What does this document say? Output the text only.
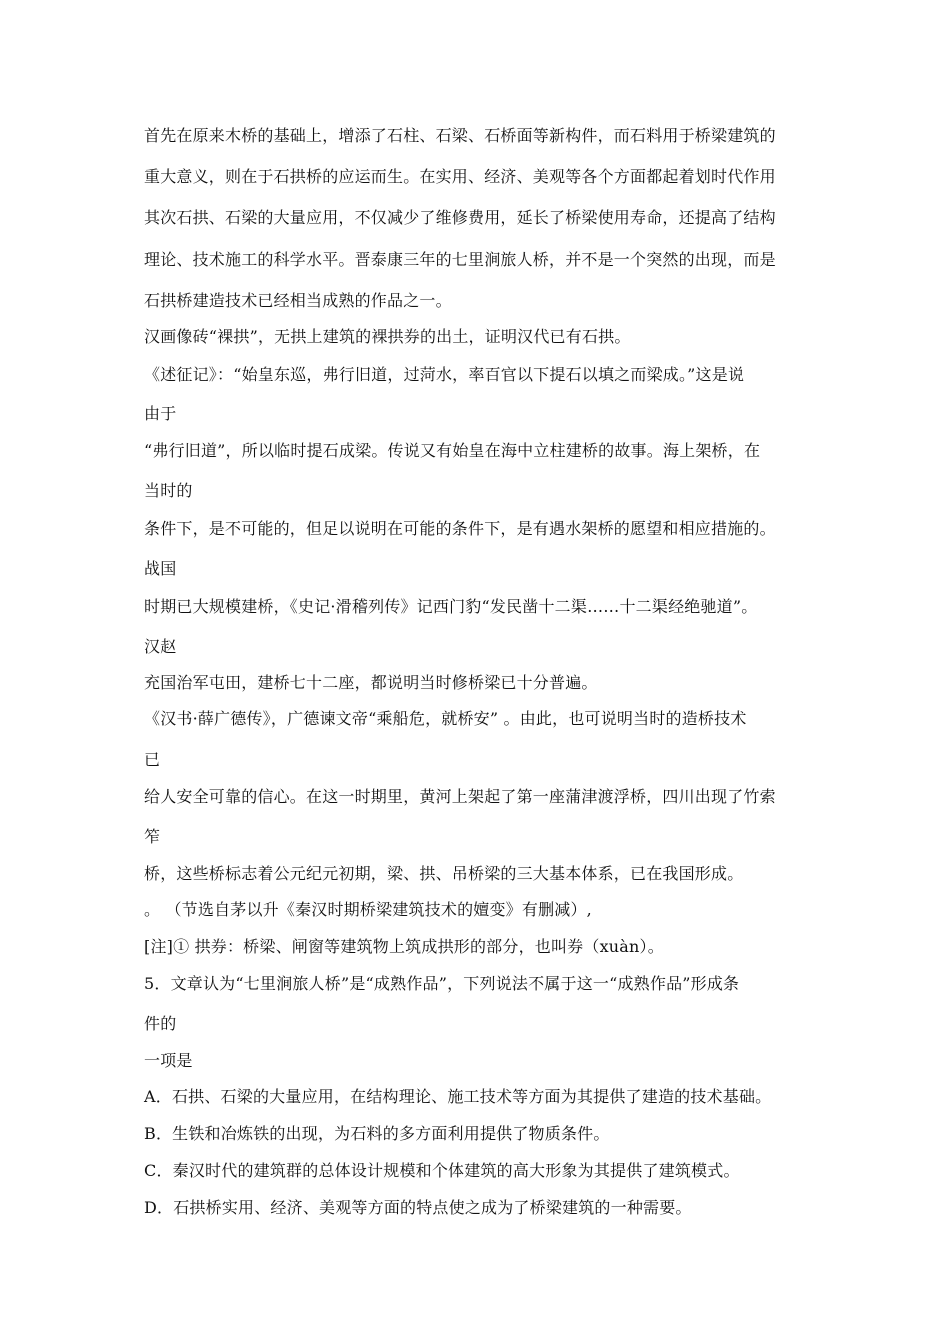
首先在原来木桥的基础上，增添了石柱、石梁、石桥面等新构件，而石料用于桥梁建筑的
重大意义，则在于石拱桥的应运而生。在实用、经济、美观等各个方面都起着划时代作用
其次石拱、石梁的大量应用，不仅减少了维修费用，延长了桥梁使用寿命，还提高了结构
理论、技术施工的科学水平。晋泰康三年的七里涧旅人桥，并不是一个突然的出现，而是
石拱桥建造技术已经相当成熟的作品之一。
汉画像砖“裸拱”，无拱上建筑的裸拱券的出土，证明汉代已有石拱。
《述征记》：“始皇东巡，弗行旧道，过菏水，率百官以下提石以填之而梁成。”这是说
由于
“弗行旧道”，所以临时提石成梁。传说又有始皇在海中立柱建桥的故事。海上架桥，在
当时的
条件下，是不可能的，但足以说明在可能的条件下，是有遇水架桥的愿望和相应措施的。
战国
时期已大规模建桥，《史记·滑稽列传》记西门豹“发民凿十二渠……十二渠经绝驰道”。
汉赵
充国治军屯田，建桥七十二座，都说明当时修桥梁已十分普遍。
《汉书·薛广德传》，广德谏文帝“乘船危，就桥安” 。由此，也可说明当时的造桥技术
已
给人安全可靠的信心。在这一时期里，黄河上架起了第一座蒲津渡浮桥，四川出现了竹索
笮
桥，这些桥标志着公元纪元初期，梁、拱、吊桥梁的三大基本体系，已在我国形成。
。 （节选自茅以升《秦汉时期桥梁建筑技术的嬗变》有删减）,
[注]① 拱券：桥梁、闸窗等建筑物上筑成拱形的部分，也叫券（xuàn）。
5．文章认为“七里涧旅人桥”是“成熟作品”，下列说法不属于这一“成熟作品”形成条
件的
一项是
A．石拱、石梁的大量应用，在结构理论、施工技术等方面为其提供了建造的技术基础。
B．生铁和冶炼铁的出现，为石料的多方面利用提供了物质条件。
C．秦汉时代的建筑群的总体设计规模和个体建筑的高大形象为其提供了建筑模式。
D．石拱桥实用、经济、美观等方面的特点使之成为了桥梁建筑的一种需要。
